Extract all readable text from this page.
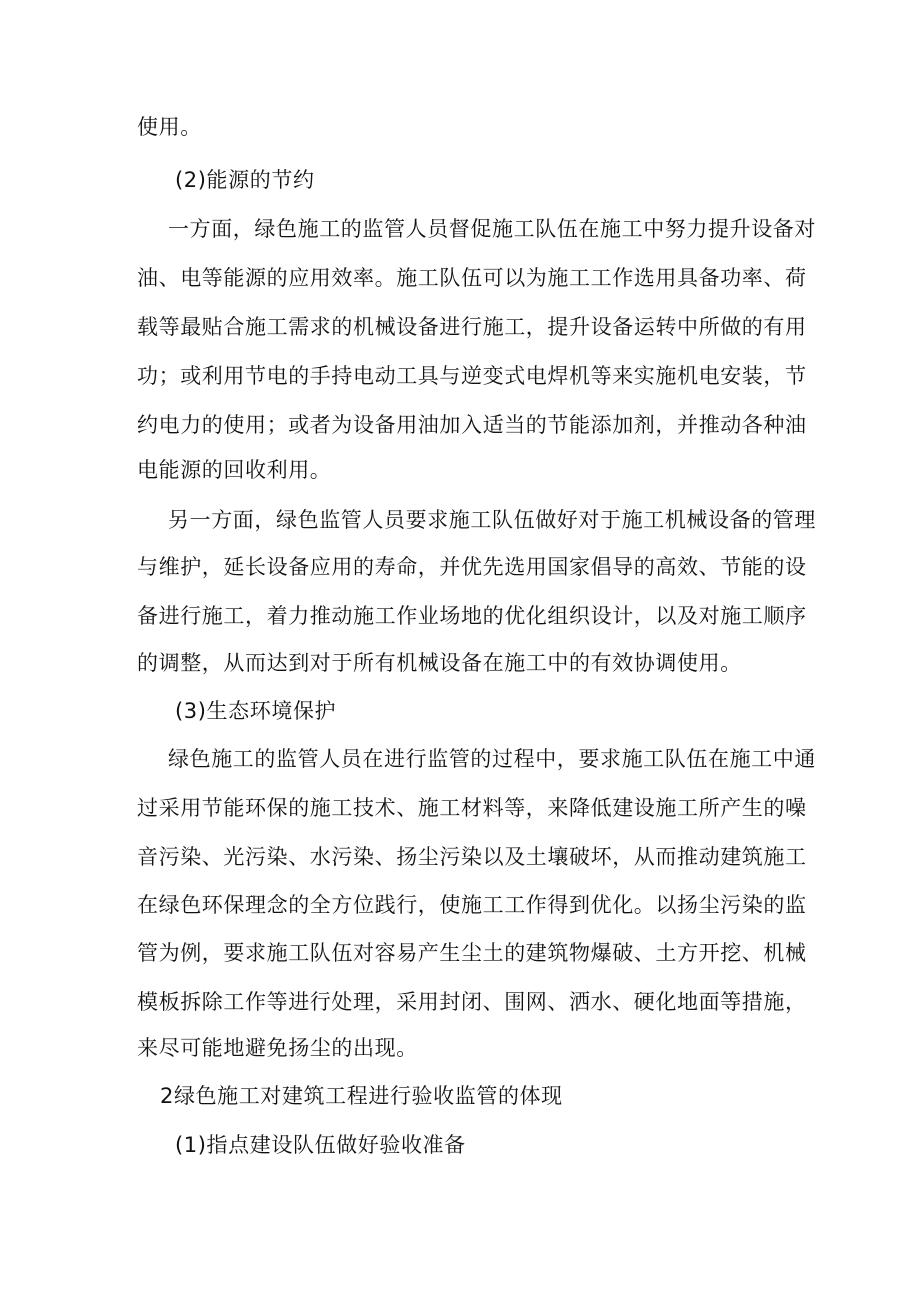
使用。
(2)能源的节约
一方面，绿色施工的监管人员督促施工队伍在施工中努力提升设备对
油、电等能源的应用效率。施工队伍可以为施工工作选用具备功率、荷
载等最贴合施工需求的机械设备进行施工，提升设备运转中所做的有用
功；或利用节电的手持电动工具与逆变式电焊机等来实施机电安装，节
约电力的使用；或者为设备用油加入适当的节能添加剂，并推动各种油
电能源的回收利用。
另一方面，绿色监管人员要求施工队伍做好对于施工机械设备的管理
与维护，延长设备应用的寿命，并优先选用国家倡导的高效、节能的设
备进行施工，着力推动施工作业场地的优化组织设计，以及对施工顺序
的调整，从而达到对于所有机械设备在施工中的有效协调使用。
(3)生态环境保护
绿色施工的监管人员在进行监管的过程中，要求施工队伍在施工中通
过采用节能环保的施工技术、施工材料等，来降低建设施工所产生的噪
音污染、光污染、水污染、扬尘污染以及土壤破坏，从而推动建筑施工
在绿色环保理念的全方位践行，使施工工作得到优化。以扬尘污染的监
管为例，要求施工队伍对容易产生尘土的建筑物爆破、土方开挖、机械
模板拆除工作等进行处理，采用封闭、围网、洒水、硬化地面等措施，
来尽可能地避免扬尘的出现。
2绿色施工对建筑工程进行验收监管的体现
(1)指点建设队伍做好验收准备
